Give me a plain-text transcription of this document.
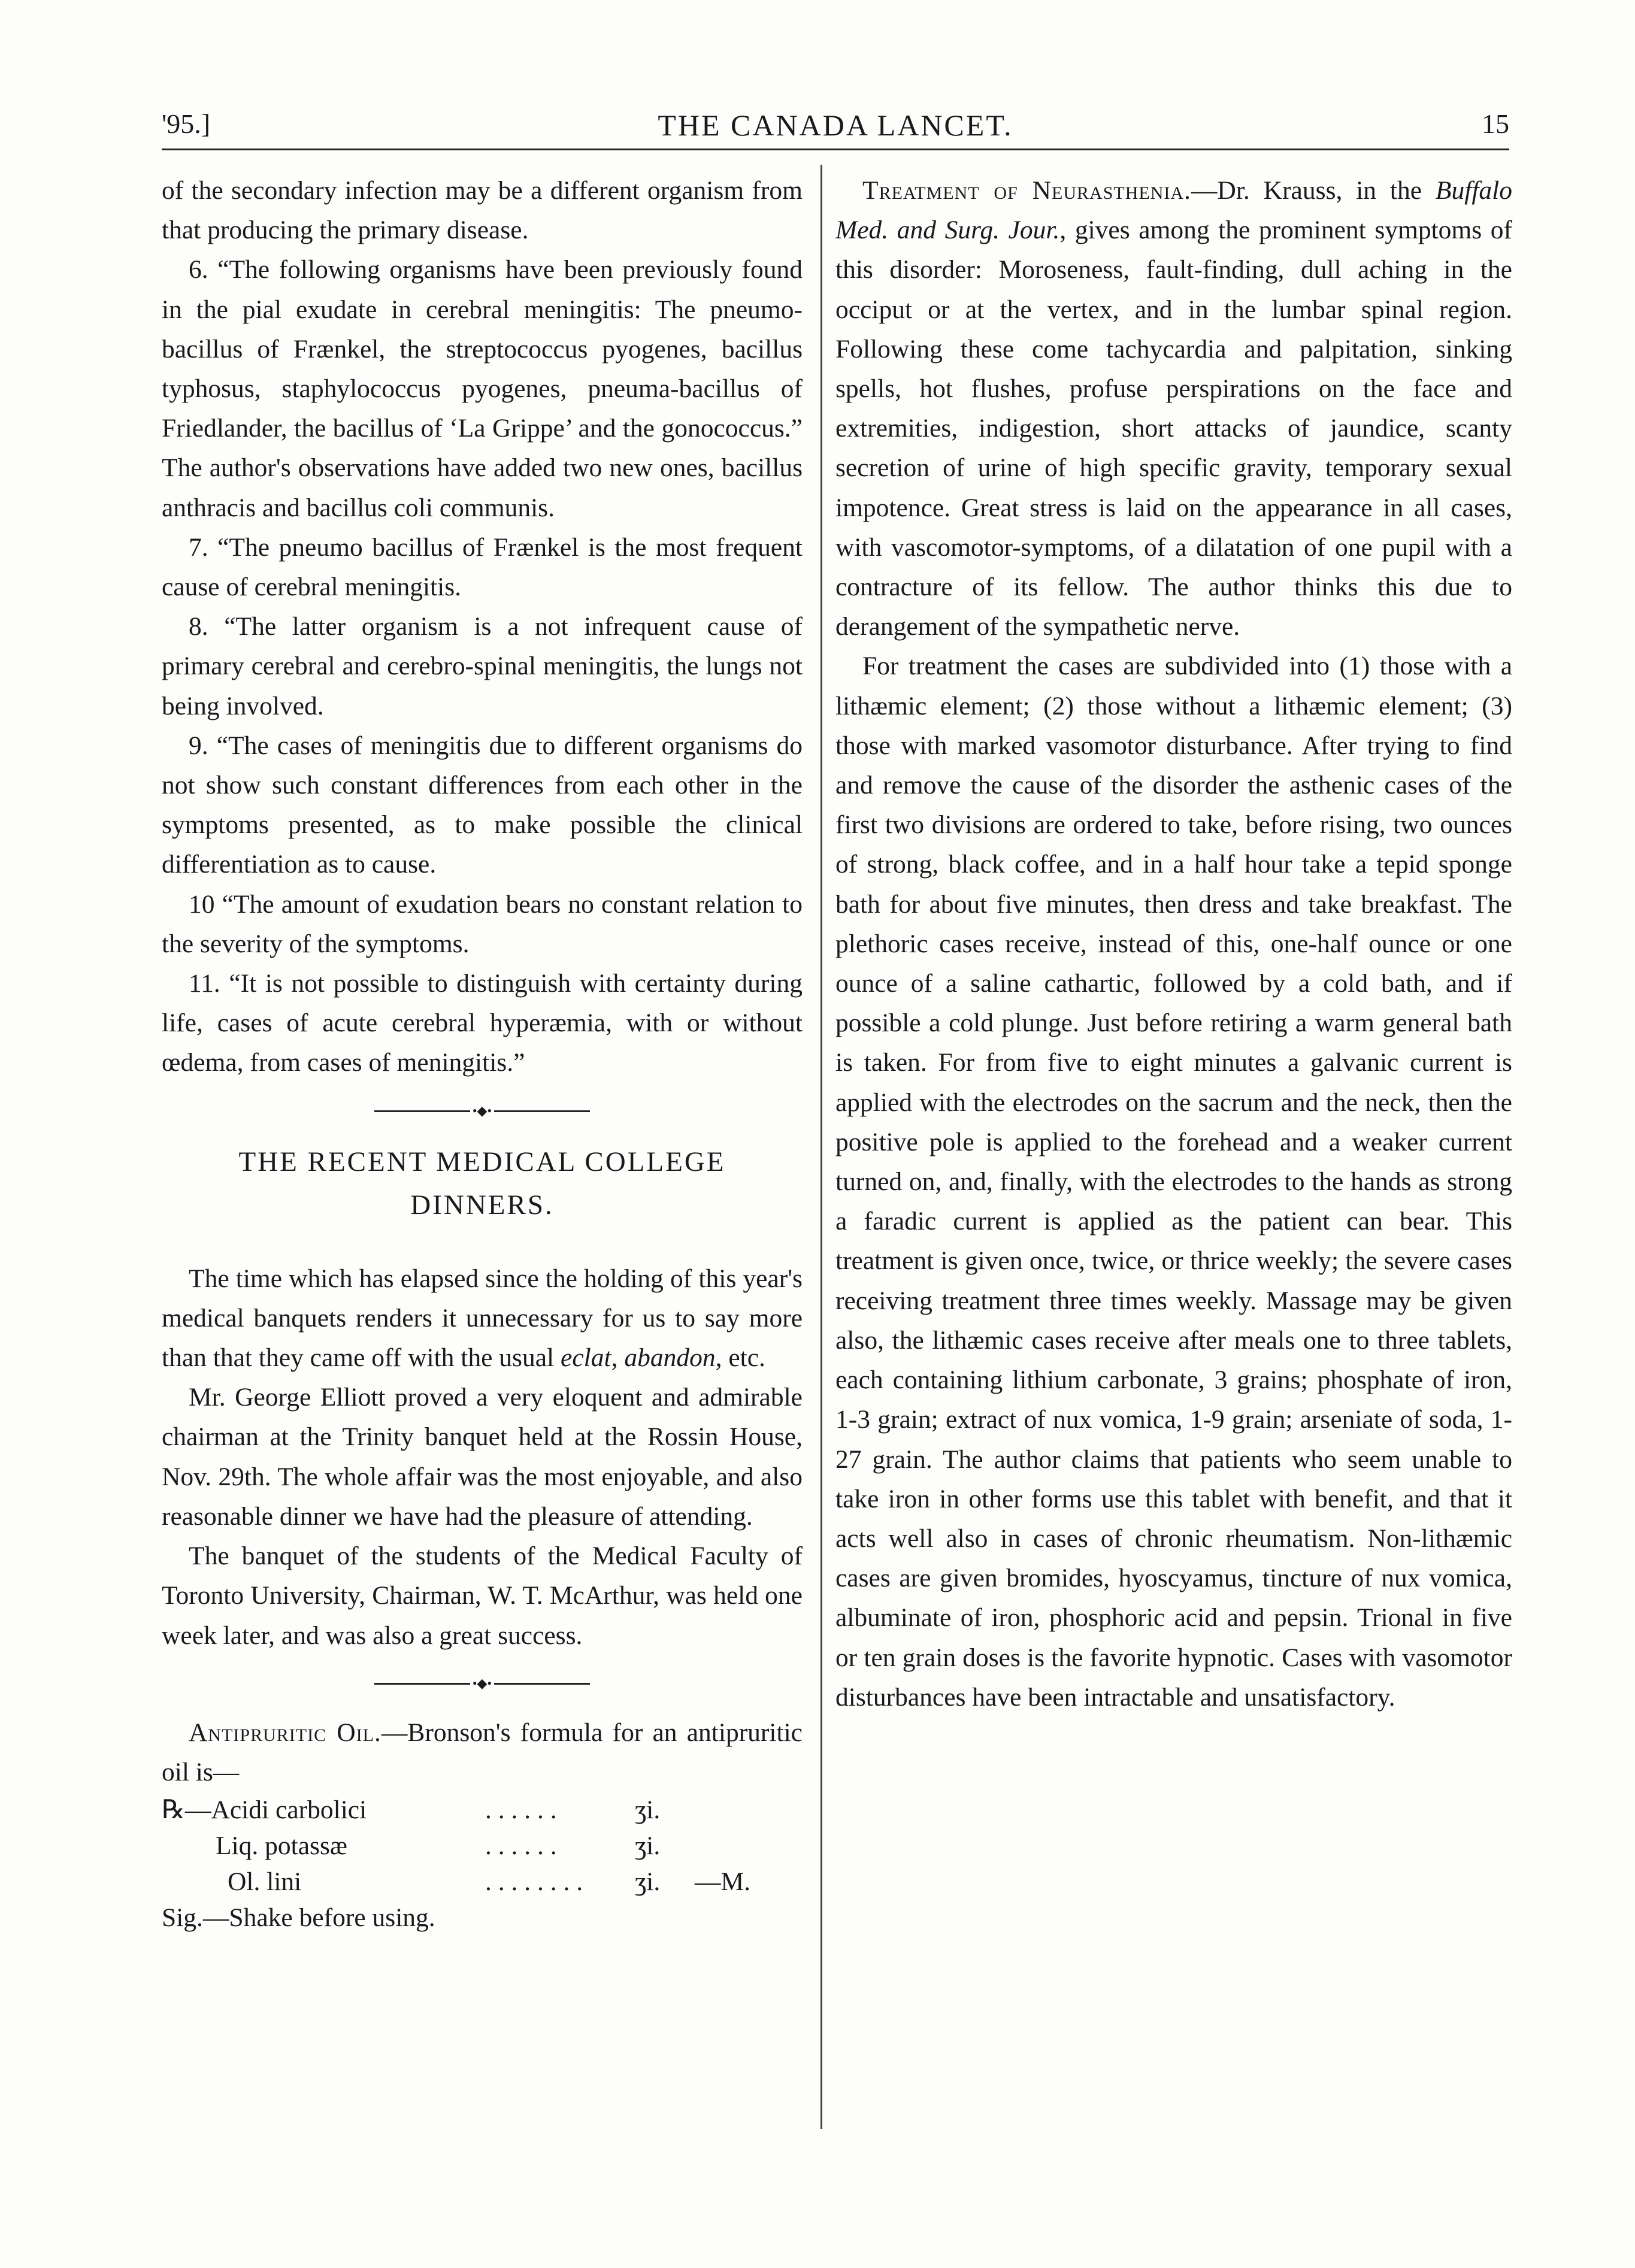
'95.]	THE CANADA LANCET.	15

of the secondary infection may be a different organism from that producing the primary disease.

6. “The following organisms have been previously found in the pial exudate in cerebral meningitis: The pneumo-bacillus of Frænkel, the streptococcus pyogenes, bacillus typhosus, staphylococcus pyogenes, pneuma-bacillus of Friedlander, the bacillus of ‘La Grippe’ and the gonococcus.” The author's observations have added two new ones, bacillus anthracis and bacillus coli communis.

7. “The pneumo bacillus of Frænkel is the most frequent cause of cerebral meningitis.

8. “The latter organism is a not infrequent cause of primary cerebral and cerebro-spinal meningitis, the lungs not being involved.

9. “The cases of meningitis due to different organisms do not show such constant differences from each other in the symptoms presented, as to make possible the clinical differentiation as to cause.

10 “The amount of exudation bears no constant relation to the severity of the symptoms.

11. “It is not possible to distinguish with certainty during life, cases of acute cerebral hyperæmia, with or without œdema, from cases of meningitis.”

•◆•
THE RECENT MEDICAL COLLEGE
DINNERS.

The time which has elapsed since the holding of this year's medical banquets renders it unnecessary for us to say more than that they came off with the usual eclat, abandon, etc.

Mr. George Elliott proved a very eloquent and admirable chairman at the Trinity banquet held at the Rossin House, Nov. 29th. The whole affair was the most enjoyable, and also reasonable dinner we have had the pleasure of attending.

The banquet of the students of the Medical Faculty of Toronto University, Chairman, W. T. McArthur, was held one week later, and was also a great success.

•◆•

Antipruritic Oil.—Bronson's formula for an antipruritic oil is—

℞—Acidi carbolici	. . . . . .	ʒi.
Liq. potassæ	. . . . . .	ʒi.
Ol. lini	. . . . . . . . ʒi. —M.
Sig.—Shake before using.

Treatment of Neurasthenia.—Dr. Krauss, in the Buffalo Med. and Surg. Jour., gives among the prominent symptoms of this disorder: Moroseness, fault-finding, dull aching in the occiput or at the vertex, and in the lumbar spinal region. Following these come tachycardia and palpitation, sinking spells, hot flushes, profuse perspirations on the face and extremities, indigestion, short attacks of jaundice, scanty secretion of urine of high specific gravity, temporary sexual impotence. Great stress is laid on the appearance in all cases, with vascomotor-symptoms, of a dilatation of one pupil with a contracture of its fellow. The author thinks this due to derangement of the sympathetic nerve.

For treatment the cases are subdivided into (1) those with a lithæmic element; (2) those without a lithæmic element; (3) those with marked vasomotor disturbance. After trying to find and remove the cause of the disorder the asthenic cases of the first two divisions are ordered to take, before rising, two ounces of strong, black coffee, and in a half hour take a tepid sponge bath for about five minutes, then dress and take breakfast. The plethoric cases receive, instead of this, one-half ounce or one ounce of a saline cathartic, followed by a cold bath, and if possible a cold plunge. Just before retiring a warm general bath is taken. For from five to eight minutes a galvanic current is applied with the electrodes on the sacrum and the neck, then the positive pole is applied to the forehead and a weaker current turned on, and, finally, with the electrodes to the hands as strong a faradic current is applied as the patient can bear. This treatment is given once, twice, or thrice weekly; the severe cases receiving treatment three times weekly. Massage may be given also, the lithæmic cases receive after meals one to three tablets, each containing lithium carbonate, 3 grains; phosphate of iron, 1-3 grain; extract of nux vomica, 1-9 grain; arseniate of soda, 1-27 grain. The author claims that patients who seem unable to take iron in other forms use this tablet with benefit, and that it acts well also in cases of chronic rheumatism. Non-lithæmic cases are given bromides, hyoscyamus, tincture of nux vomica, albuminate of iron, phosphoric acid and pepsin. Trional in five or ten grain doses is the favorite hypnotic. Cases with vasomotor disturbances have been intractable and unsatisfactory.
